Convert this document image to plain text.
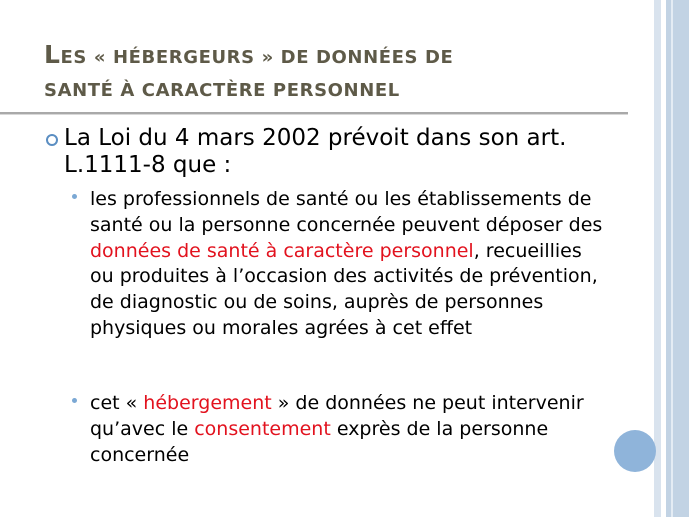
LES « HÉBERGEURS » DE DONNÉES DE
SANTÉ À CARACTÈRE PERSONNEL
La Loi du 4 mars 2002 prévoit dans son art. L.1111-8 que :
les professionnels de santé ou les établissements de santé ou la personne concernée peuvent déposer des données de santé à caractère personnel, recueillies ou produites à l’occasion des activités de prévention, de diagnostic ou de soins, auprès de personnes physiques ou morales agrées à cet effet
cet « hébergement » de données ne peut intervenir qu’avec le consentement exprès de la personne concernée
